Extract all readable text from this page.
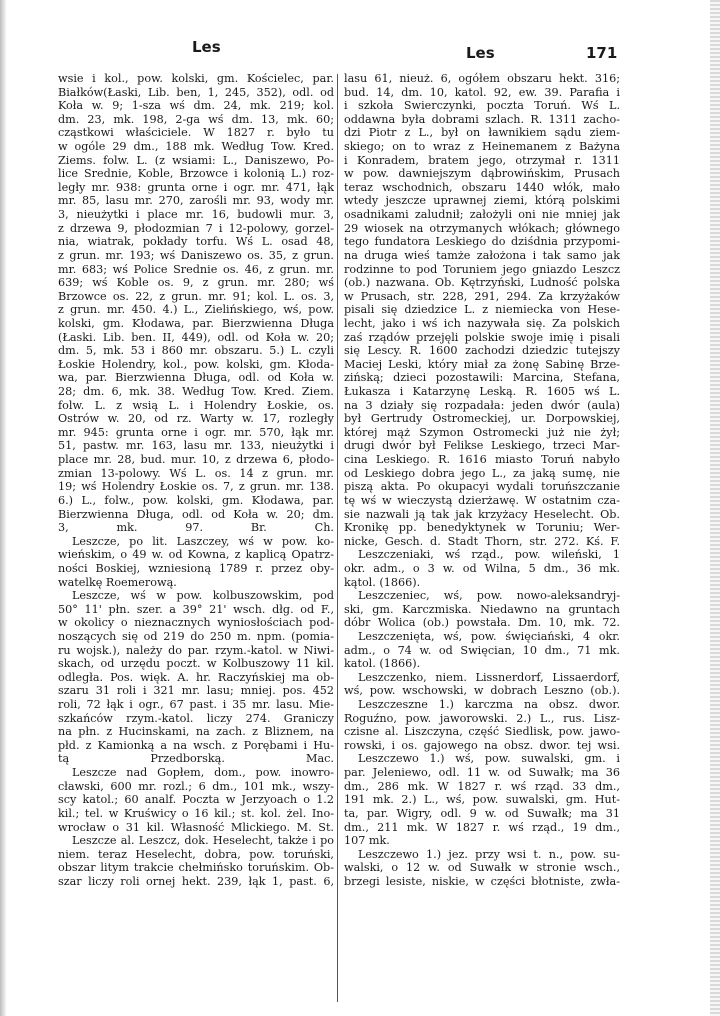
Les	Les	171
wsie i kol., pow. kolski, gm. Kościelec, par.
Białków(Łaski, Lib. ben, 1, 245, 352), odl. od
Koła w. 9; 1-sza wś dm. 24, mk. 219; kol.
dm. 23, mk. 198, 2-ga wś dm. 13, mk. 60;
cząstkowi właściciele. W 1827 r. było tu
w ogóle 29 dm., 188 mk. Według Tow. Kred.
Ziems. folw. L. (z wsiami: L., Daniszewo, Po-
lice Srednie, Koble, Brzowce i kolonią L.) roz-
legły mr. 938: grunta orne i ogr. mr. 471, łąk
mr. 85, lasu mr. 270, zarośli mr. 93, wody mr.
3, nieużytki i place mr. 16, budowli mur. 3,
z drzewa 9, płodozmian 7 i 12-polowy, gorzel-
nia, wiatrak, pokłady torfu. Wś L. osad 48,
z grun. mr. 193; wś Daniszewo os. 35, z grun.
mr. 683; wś Police Srednie os. 46, z grun. mr.
639; wś Koble os. 9, z grun. mr. 280; wś
Brzowce os. 22, z grun. mr. 91; kol. L. os. 3,
z grun. mr. 450. 4.) L., Zielińskiego, wś, pow.
kolski, gm. Kłodawa, par. Bierzwienna Długa
(Łaski. Lib. ben. II, 449), odl. od Koła w. 20;
dm. 5, mk. 53 i 860 mr. obszaru. 5.) L. czyli
Łoskie Holendry, kol., pow. kolski, gm. Kłoda-
wa, par. Bierzwienna Długa, odl. od Koła w.
28; dm. 6, mk. 38. Według Tow. Kred. Ziem.
folw. L. z wsią L. i Holendry Łoskie, os.
Ostrów w. 20, od rz. Warty w. 17, rozległy
mr. 945: grunta orne i ogr. mr. 570, łąk mr.
51, pastw. mr. 163, lasu mr. 133, nieużytki i
place mr. 28, bud. mur. 10, z drzewa 6, płodo-
zmian 13-polowy. Wś L. os. 14 z grun. mr.
19; wś Holendry Łoskie os. 7, z grun. mr. 138.
6.) L., folw., pow. kolski, gm. Kłodawa, par.
Bierzwienna Długa, odl. od Koła w. 20; dm.
3, mk. 97. Br. Ch.
Leszcze, po lit. Laszczey, wś w pow. ko-
wieńskim, o 49 w. od Kowna, z kaplicą Opatrz-
ności Boskiej, wzniesioną 1789 r. przez oby-
watelkę Roemerową.
Leszcze, wś w pow. kolbuszowskim, pod
50° 11' płn. szer. a 39° 21' wsch. dłg. od F.,
w okolicy o nieznacznych wyniosłościach pod-
noszących się od 219 do 250 m. npm. (pomia-
ru wojsk.), należy do par. rzym.-katol. w Niwi-
skach, od urzędu poczt. w Kolbuszowy 11 kil.
odległa. Pos. więk. A. hr. Raczyńskiej ma ob-
szaru 31 roli i 321 mr. lasu; mniej. pos. 452
roli, 72 łąk i ogr., 67 past. i 35 mr. lasu. Mie-
szkańców rzym.-katol. liczy 274. Graniczy
na płn. z Hucinskami, na zach. z Bliznem, na
płd. z Kamionką a na wsch. z Porębami i Hu-
tą Przedborską. Mac.
Leszcze nad Gopłem, dom., pow. inowro-
cławski, 600 mr. rozl.; 6 dm., 101 mk., wszy-
scy katol.; 60 analf. Poczta w Jerzyoach o 1.2
kil.; tel. w Kruświcy o 16 kil.; st. kol. żel. Ino-
wrocław o 31 kil. Własność Mlickiego. M. St.
Leszcze al. Leszcz, dok. Heselecht, także i po
niem. teraz Heselecht, dobra, pow. toruński,
obszar litym trakcie chełmińsko toruńskim. Ob-
szar liczy roli ornej hekt. 239, łąk 1, past. 6,
lasu 61, nieuż. 6, ogółem obszaru hekt. 316;
bud. 14, dm. 10, katol. 92, ew. 39. Parafia i
i szkoła Swierczynki, poczta Toruń. Wś L.
oddawna była dobrami szlach. R. 1311 zacho-
dzi Piotr z L., był on ławnikiem sądu ziem-
skiego; on to wraz z Heinemanem z Bażyna
i Konradem, bratem jego, otrzymał r. 1311
w pow. dawniejszym dąbrowińskim, Prusach
teraz wschodnich, obszaru 1440 włók, mało
wtedy jeszcze uprawnej ziemi, którą polskimi
osadnikami zaludnił; założyli oni nie mniej jak
29 wiosek na otrzymanych włókach; głównego
tego fundatora Leskiego do dziśdnia przypomi-
na druga wieś tamże założona i tak samo jak
rodzinne to pod Toruniem jego gniazdo Leszcz
(ob.) nazwana. Ob. Kętrzyński, Ludność polska
w Prusach, str. 228, 291, 294. Za krzyżaków
pisali się dziedzice L. z niemiecka von Hese-
lecht, jako i wś ich nazywała się. Za polskich
zaś rządów przejęli polskie swoje imię i pisali
się Lescy. R. 1600 zachodzi dziedzic tutejszy
Maciej Leski, który miał za żonę Sabinę Brze-
zińską; dzieci pozostawili: Marcina, Stefana,
Łukasza i Katarzynę Leską. R. 1605 wś L.
na 3 działy się rozpadała: jeden dwór (aula)
był Gertrudy Ostromeckiej, ur. Dorpowskiej,
której mąż Szymon Ostromecki już nie żył;
drugi dwór był Felikse Leskiego, trzeci Mar-
cina Leskiego. R. 1616 miasto Toruń nabyło
od Leskiego dobra jego L., za jaką sumę, nie
piszą akta. Po okupacyi wydali toruńszczanie
tę wś w wieczystą dzierżawę. W ostatnim cza-
sie nazwali ją tak jak krzyżacy Heselecht. Ob.
Kronikę pp. benedyktynek w Toruniu; Wer-
nicke, Gesch. d. Stadt Thorn, str. 272. Kś. F.
Leszczeniaki, wś rząd., pow. wileński, 1
okr. adm., o 3 w. od Wilna, 5 dm., 36 mk.
kątol. (1866).
Leszczeniec, wś, pow. nowo-aleksandryj-
ski, gm. Karczmiska. Niedawno na gruntach
dóbr Wolica (ob.) powstała. Dm. 10, mk. 72.
Leszczenięta, wś, pow. święciański, 4 okr.
adm., o 74 w. od Swięcian, 10 dm., 71 mk.
katol. (1866).
Leszczenko, niem. Lissnerdorf, Lissaerdorf,
wś, pow. wschowski, w dobrach Leszno (ob.).
Leszczeszne 1.) karczma na obsz. dwor.
Roguźno, pow. jaworowski. 2.) L., rus. Lisz-
czisne al. Liszczyna, część Siedlisk, pow. jawo-
rowski, i os. gajowego na obsz. dwor. tej wsi.
Leszczewo 1.) wś, pow. suwalski, gm. i
par. Jeleniewo, odl. 11 w. od Suwałk; ma 36
dm., 286 mk. W 1827 r. wś rząd. 33 dm.,
191 mk. 2.) L., wś, pow. suwalski, gm. Hut-
ta, par. Wigry, odl. 9 w. od Suwałk; ma 31
dm., 211 mk. W 1827 r. wś rząd., 19 dm.,
107 mk.
Leszczewo 1.) jez. przy wsi t. n., pow. su-
walski, o 12 w. od Suwałk w stronie wsch.,
brzegi lesiste, niskie, w części błotniste, zwła-
